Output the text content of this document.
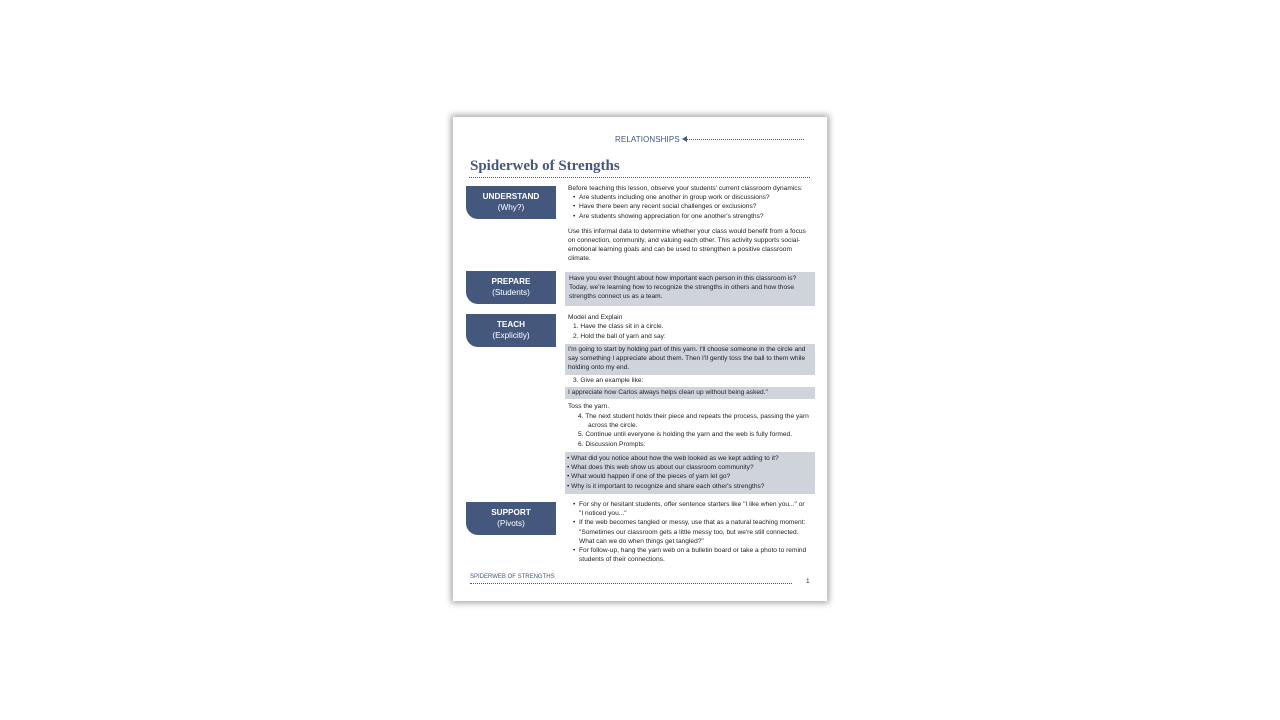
RELATIONSHIPS
Spiderweb of Strengths
UNDERSTAND
(Why?)
Before teaching this lesson, observe your students' current classroom dynamics:
• Are students including one another in group work or discussions?
• Have there been any recent social challenges or exclusions?
• Are students showing appreciation for one another's strengths?
Use this informal data to determine whether your class would benefit from a focus on connection, community, and valuing each other. This activity supports social-emotional learning goals and can be used to strengthen a positive classroom climate.
PREPARE
(Students)
Have you ever thought about how important each person in this classroom is? Today, we're learning how to recognize the strengths in others and how those strengths connect us as a team.
TEACH
(Explicitly)
Model and Explain
1. Have the class sit in a circle.
2. Hold the ball of yarn and say:
I'm going to start by holding part of this yarn. I'll choose someone in the circle and say something I appreciate about them. Then I'll gently toss the ball to them while holding onto my end.
3. Give an example like:
I appreciate how Carlos always helps clean up without being asked."
Toss the yarn.
4. The next student holds their piece and repeats the process, passing the yarn across the circle.
5. Continue until everyone is holding the yarn and the web is fully formed.
6. Discussion Prompts:
• What did you notice about how the web looked as we kept adding to it?
• What does this web show us about our classroom community?
• What would happen if one of the pieces of yarn let go?
• Why is it important to recognize and share each other's strengths?
SUPPORT
(Pivots)
• For shy or hesitant students, offer sentence starters like "I like when you..." or "I noticed you..."
• If the web becomes tangled or messy, use that as a natural teaching moment: "Sometimes our classroom gets a little messy too, but we're still connected. What can we do when things get tangled?"
• For follow-up, hang the yarn web on a bulletin board or take a photo to remind students of their connections.
SPIDERWEB OF STRENGTHS
1
